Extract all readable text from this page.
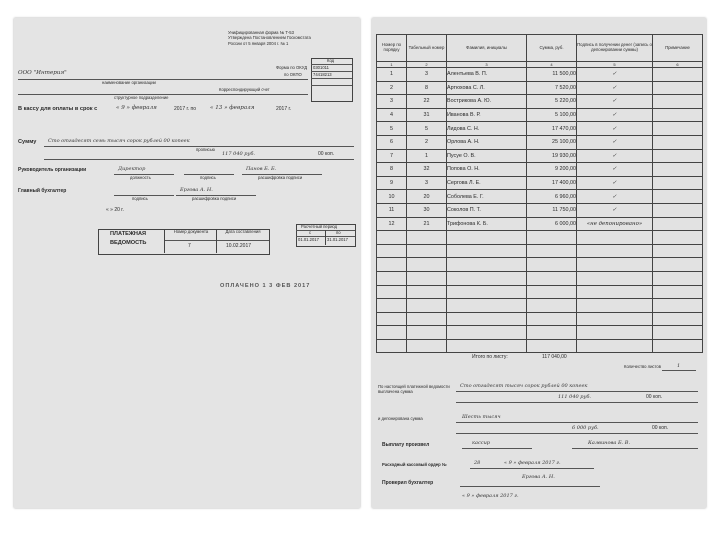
Унифицированная форма № Т-53
Утверждена Постановлением Госкомстата
России от 5 января 2004 г. № 1
Код
0301011
74418213
Форма по ОКУД
по ОКПО
ООО "Интерия"
наименование организации
структурное подразделение
Корреспондирующий счет
В кассу для оплаты в срок с	« 9 » февраля	2017 г. по	« 13 » февраля	2017 г.
Сумму Сто отгадесят семь тысяч сорок рублей 00 копеек
прописью
117 040 руб.	00 коп.
Руководитель организации	Директор
должность	подпись
Панов Б. Б.
расшифровка подписи
Главный бухгалтер
подпись
Ергова А. Н.
расшифровка подписи
« » 20 г.
ПЛАТЕЖНАЯ
ВЕДОМОСТЬ
Номер документа	Дата составления
7	10.02.2017
Расчетный период
с	по
01.01.2017 31.01.2017
ОПЛАЧЕНО 1 3 ФЕВ 2017
Номер по порядку	Табельный номер	Фамилия, инициалы	Сумма, руб.	Подпись в получении денег (запись о депонировании суммы)	Примечание
1	2	3	4	5	6
1	3	Алентьева В. П.	11 500,00	✓	
2	8	Артюхова С. Л.	7 520,00	✓	
3	22	Вострикова А. Ю.	5 220,00	✓	
4	31	Иванова В. Р.	5 100,00	✓	
5	5	Лидова С. Н.	17 470,00	✓	
6	2	Орлова А. Н.	25 100,00	✓	
7	1	Пусуе О. В.	19 930,00	✓	
8	32	Попова О. Н.	9 200,00	✓	
9	3	Сергова Л. Е.	17 400,00	✓	
10	20	Соболева Е. Г.	6 960,00	✓	
11	30	Соколов П. Т.	11 750,00	✓	
12	21	Трифонова К. Б.	6 000,00	«не депонировано»	

Итого по листу:	117 040,00
Количество листов	1
По настоящей платежной ведомости выплачена сумма
Сто отгадесят тысяч сорок рублей 00 копеек
111 040 руб.	00 коп.
и депонирована сумма	Шесть тысяч
6 000 руб.	00 коп.
Выплату произвел	кассир	Калвинова Б. В.
Расходный кассовый ордер №	28	« 9 » февраля 2017 г.
Проверил бухгалтер
Ергова А. Н.
« 9 » февраля 2017 г.
